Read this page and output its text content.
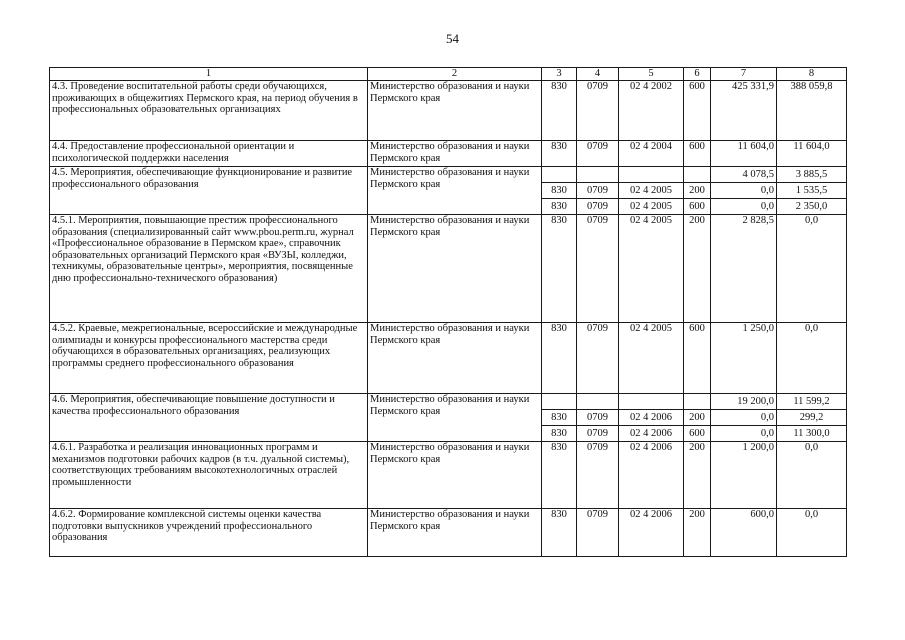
54
1	2	3	4	5	6	7	8
4.3. Проведение воспитательной работы среди обучающихся, проживающих в общежитиях Пермского края, на период обучения в профессиональных образовательных организациях	Министерство образования и науки Пермского края	830	0709	02 4 2002	600	425 331,9	388 059,8
4.4. Предоставление профессиональной ориентации и психологической поддержки населения	Министерство образования и науки Пермского края	830	0709	02 4 2004	600	11 604,0	11 604,0
4.5. Мероприятия, обеспечивающие функционирование и развитие профессионального образования	Министерство образования и науки Пермского края					4 078,5	3 885,5
		830	0709	02 4 2005	200	0,0	1 535,5
		830	0709	02 4 2005	600	0,0	2 350,0
4.5.1. Мероприятия, повышающие престиж профессионального образования (специализированный сайт www.pbou.perm.ru, журнал «Профессиональное образование в Пермском крае», справочник образовательных организаций Пермского края «ВУЗЫ, колледжи, техникумы, образовательные центры», мероприятия, посвященные дню профессионально-технического образования)	Министерство образования и науки Пермского края	830	0709	02 4 2005	200	2 828,5	0,0
4.5.2. Краевые, межрегиональные, всероссийские и международные олимпиады и конкурсы профессионального мастерства среди обучающихся в образовательных организациях, реализующих программы среднего профессионального образования	Министерство образования и науки Пермского края	830	0709	02 4 2005	600	1 250,0	0,0
4.6. Мероприятия, обеспечивающие повышение доступности и качества профессионального образования	Министерство образования и науки Пермского края					19 200,0	11 599,2
		830	0709	02 4 2006	200	0,0	299,2
		830	0709	02 4 2006	600	0,0	11 300,0
4.6.1. Разработка и реализация инновационных программ и механизмов подготовки рабочих кадров (в т.ч. дуальной системы), соответствующих требованиям высокотехнологичных отраслей промышленности	Министерство образования и науки Пермского края	830	0709	02 4 2006	200	1 200,0	0,0
4.6.2. Формирование комплексной системы оценки качества подготовки выпускников учреждений профессионального образования	Министерство образования и науки Пермского края	830	0709	02 4 2006	200	600,0	0,0
